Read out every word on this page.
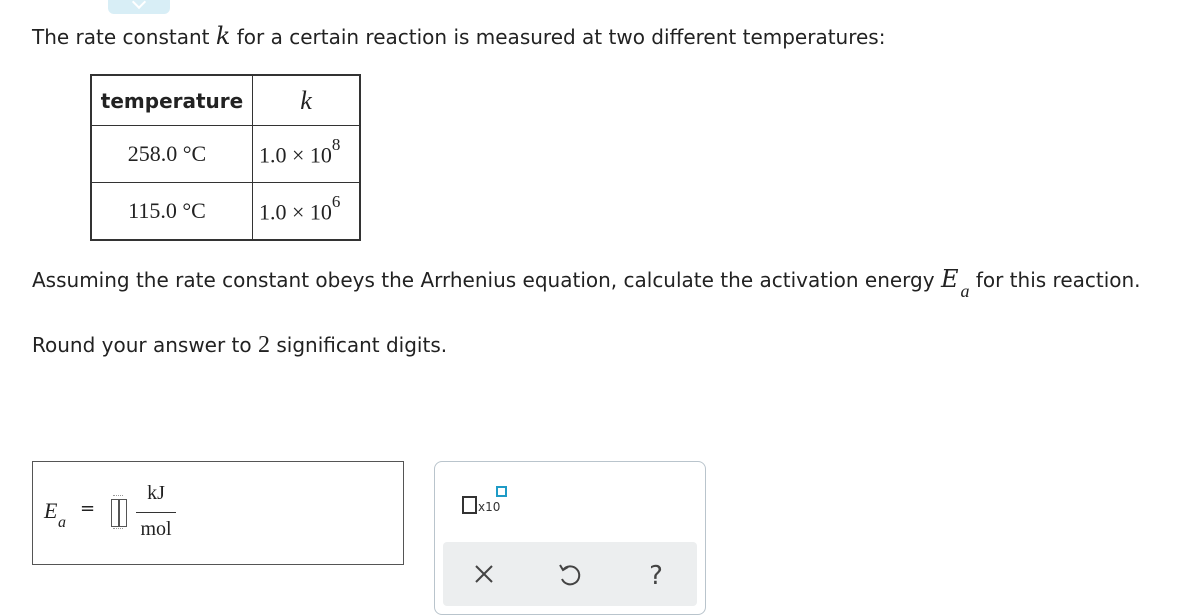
The rate constant k for a certain reaction is measured at two different temperatures:
temperature	k
258.0 °C	$1.0 \times 10^8$
115.0 °C	$1.0 \times 10^6$
Assuming the rate constant obeys the Arrhenius equation, calculate the activation energy E $_a$ for this reaction.
Round your answer to 2 significant digits.
E a
=
kJ
mol
x10
?
